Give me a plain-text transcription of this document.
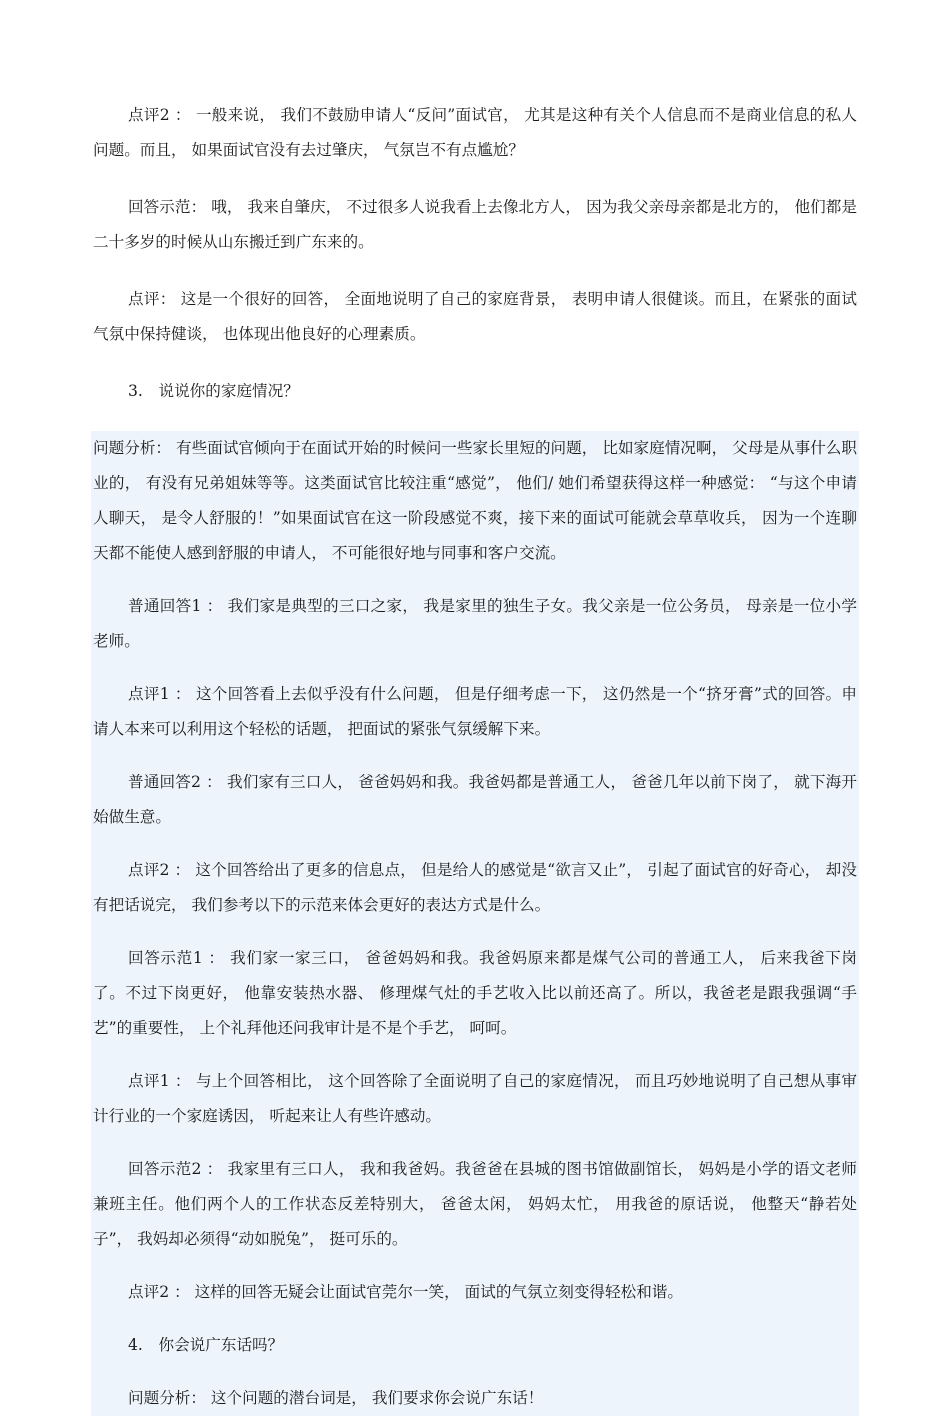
点评2 ： 一般来说， 我们不鼓励申请人“反问”面试官， 尤其是这种有关个人信息而不是商业信息的私人问题。而且， 如果面试官没有去过肇庆， 气氛岂不有点尴尬？

回答示范： 哦， 我来自肇庆， 不过很多人说我看上去像北方人， 因为我父亲母亲都是北方的， 他们都是二十多岁的时候从山东搬迁到广东来的。

点评： 这是一个很好的回答， 全面地说明了自己的家庭背景， 表明申请人很健谈。而且，在紧张的面试气氛中保持健谈， 也体现出他良好的心理素质。

3.　说说你的家庭情况？

问题分析： 有些面试官倾向于在面试开始的时候问一些家长里短的问题， 比如家庭情况啊， 父母是从事什么职业的， 有没有兄弟姐妹等等。这类面试官比较注重“感觉”， 他们/ 她们希望获得这样一种感觉： “与这个申请人聊天， 是令人舒服的！”如果面试官在这一阶段感觉不爽，接下来的面试可能就会草草收兵， 因为一个连聊天都不能使人感到舒服的申请人， 不可能很好地与同事和客户交流。

普通回答1 ： 我们家是典型的三口之家， 我是家里的独生子女。我父亲是一位公务员， 母亲是一位小学老师。

点评1 ： 这个回答看上去似乎没有什么问题， 但是仔细考虑一下， 这仍然是一个“挤牙膏”式的回答。申请人本来可以利用这个轻松的话题， 把面试的紧张气氛缓解下来。

普通回答2 ： 我们家有三口人， 爸爸妈妈和我。我爸妈都是普通工人， 爸爸几年以前下岗了， 就下海开始做生意。

点评2 ： 这个回答给出了更多的信息点， 但是给人的感觉是“欲言又止”， 引起了面试官的好奇心， 却没有把话说完， 我们参考以下的示范来体会更好的表达方式是什么。

回答示范1 ： 我们家一家三口， 爸爸妈妈和我。我爸妈原来都是煤气公司的普通工人， 后来我爸下岗了。不过下岗更好， 他靠安装热水器、 修理煤气灶的手艺收入比以前还高了。所以，我爸老是跟我强调“手艺”的重要性， 上个礼拜他还问我审计是不是个手艺， 呵呵。

点评1 ： 与上个回答相比， 这个回答除了全面说明了自己的家庭情况， 而且巧妙地说明了自己想从事审计行业的一个家庭诱因， 听起来让人有些许感动。

回答示范2 ： 我家里有三口人， 我和我爸妈。我爸爸在县城的图书馆做副馆长， 妈妈是小学的语文老师兼班主任。他们两个人的工作状态反差特别大， 爸爸太闲， 妈妈太忙， 用我爸的原话说， 他整天“静若处子”， 我妈却必须得“动如脱兔”， 挺可乐的。

点评2 ： 这样的回答无疑会让面试官莞尔一笑， 面试的气氛立刻变得轻松和谐。

4.　你会说广东话吗？

问题分析： 这个问题的潜台词是， 我们要求你会说广东话！
